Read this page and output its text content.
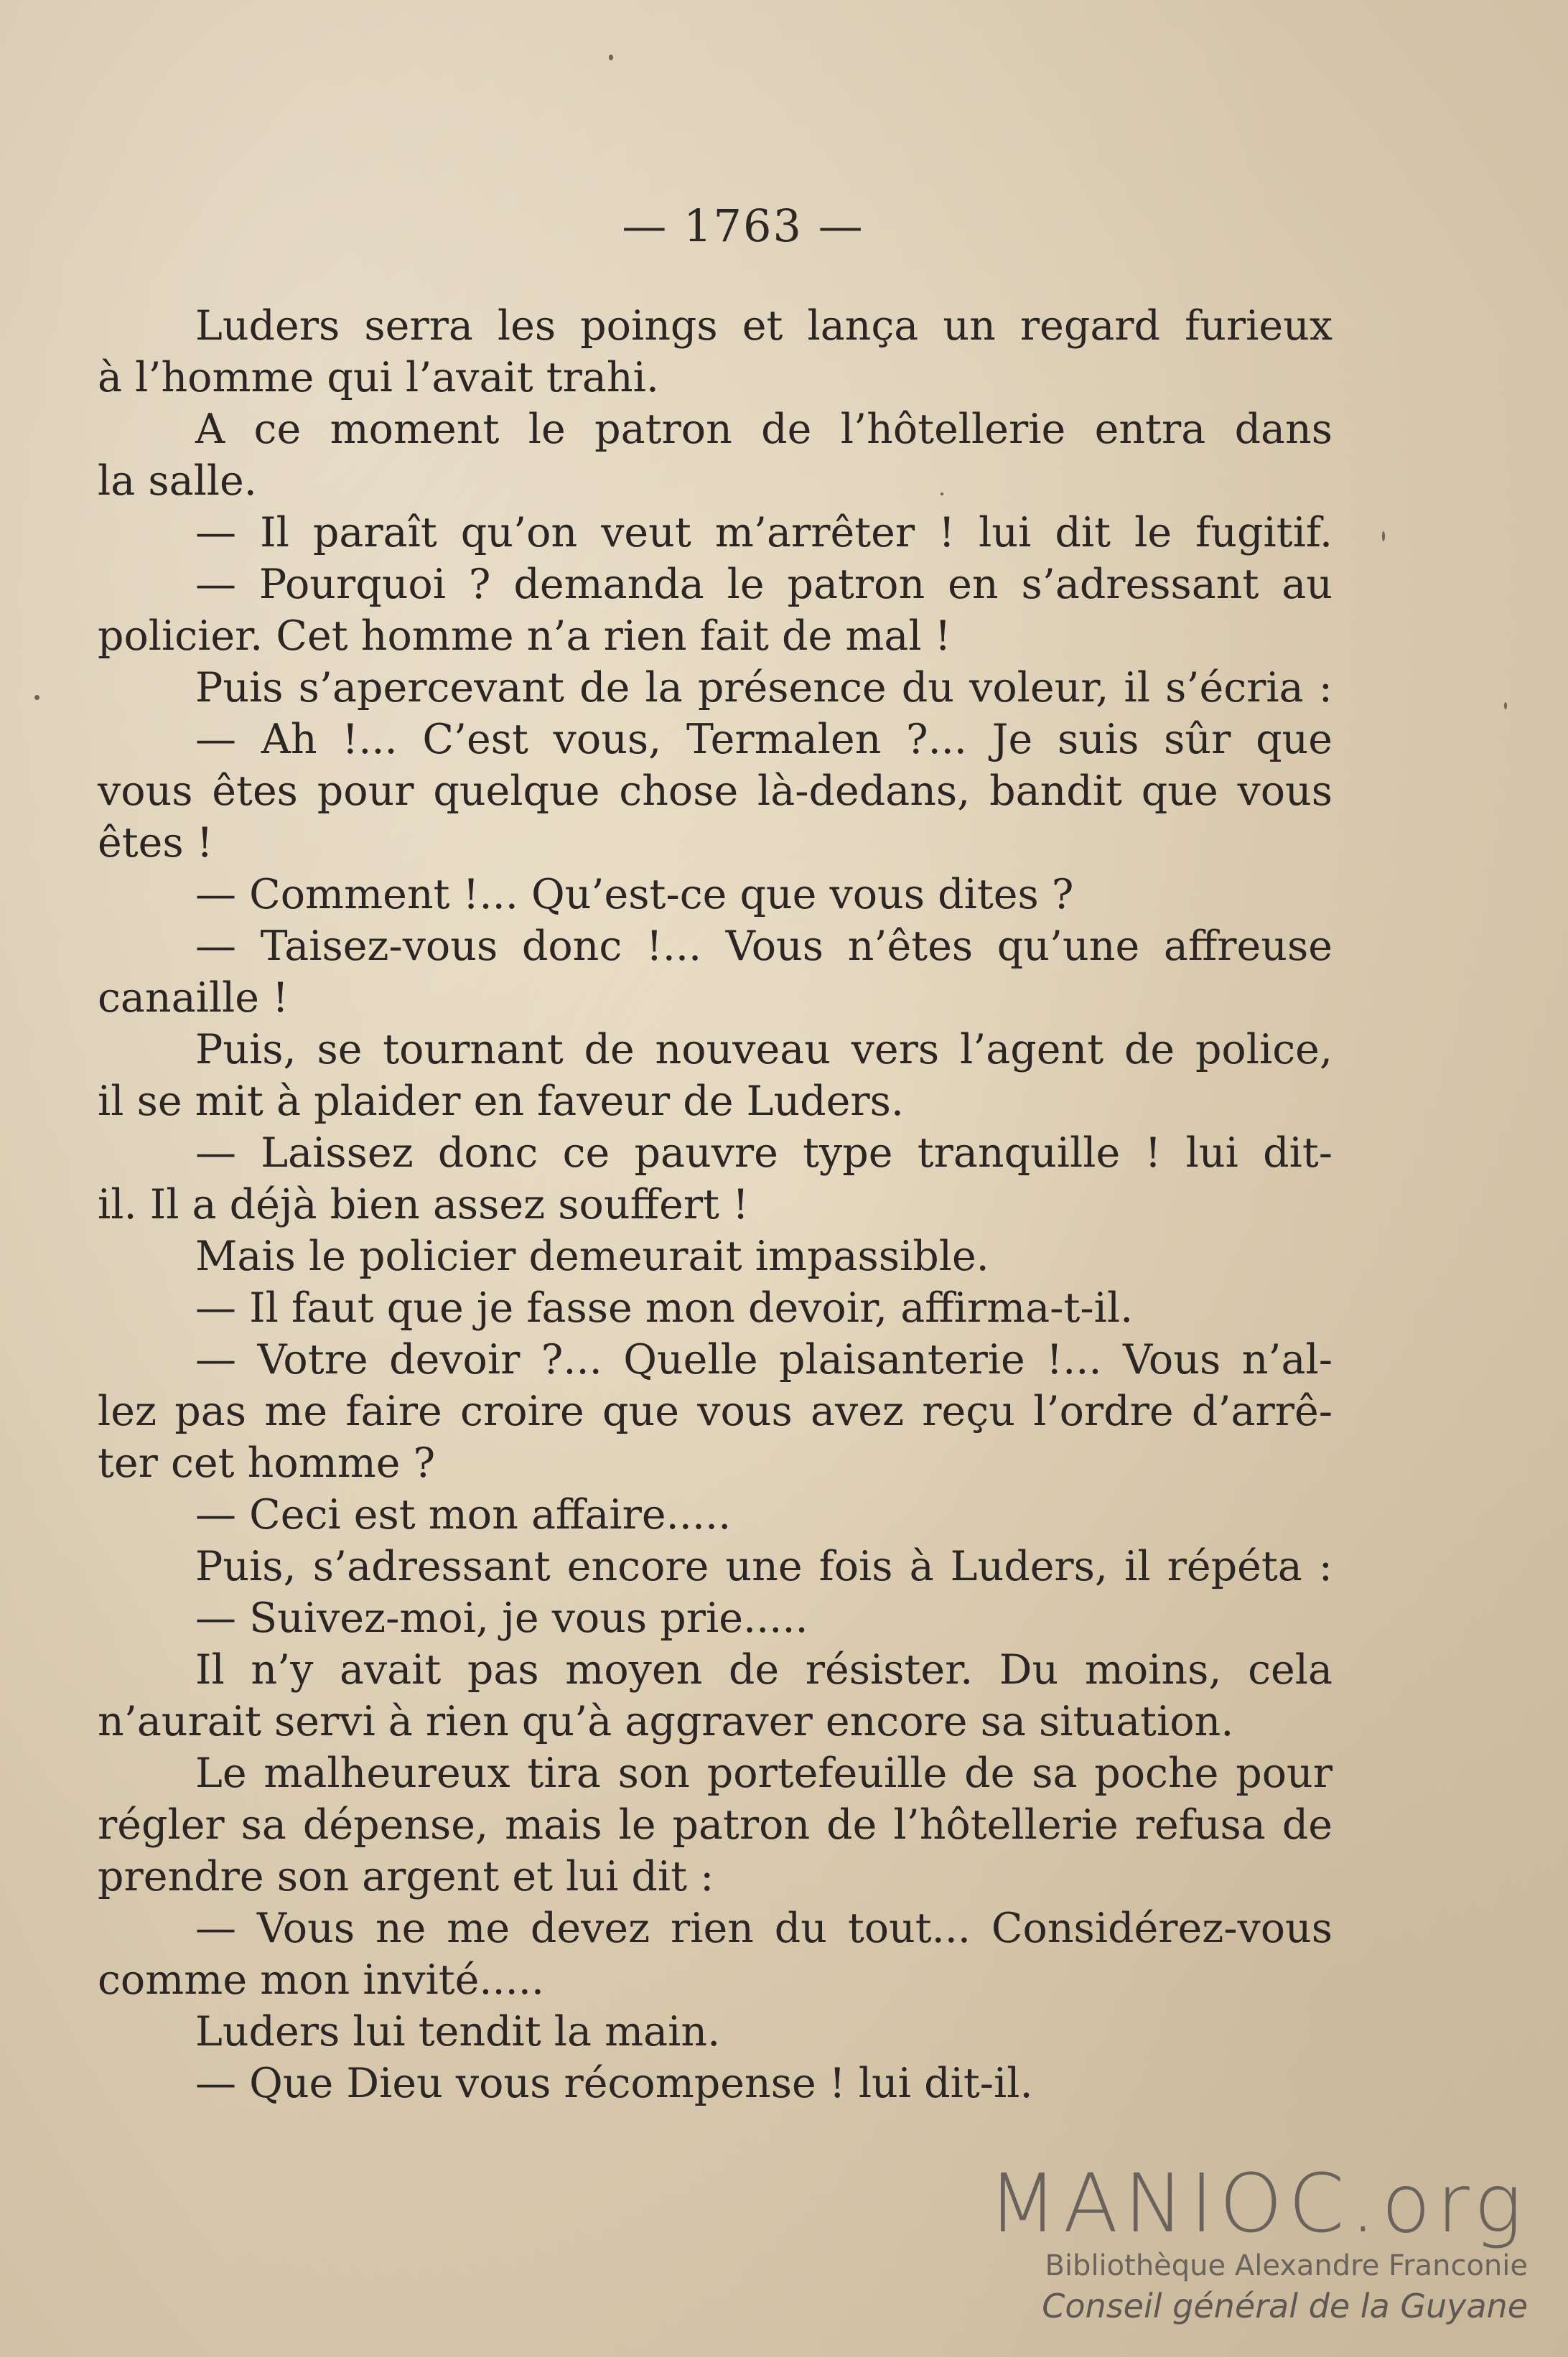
— 1763 —
Luders serra les poings et lança un regard furieux
à l’homme qui l’avait trahi.
A ce moment le patron de l’hôtellerie entra dans
la salle.
— Il paraît qu’on veut m’arrêter ! lui dit le fugitif.
— Pourquoi ? demanda le patron en s’adressant au
policier. Cet homme n’a rien fait de mal !
Puis s’apercevant de la présence du voleur, il s’écria :
— Ah !... C’est vous, Termalen ?... Je suis sûr que
vous êtes pour quelque chose là-dedans, bandit que vous
êtes !
— Comment !... Qu’est-ce que vous dites ?
— Taisez-vous donc !... Vous n’êtes qu’une affreuse
canaille !
Puis, se tournant de nouveau vers l’agent de police,
il se mit à plaider en faveur de Luders.
— Laissez donc ce pauvre type tranquille ! lui dit-
il. Il a déjà bien assez souffert !
Mais le policier demeurait impassible.
— Il faut que je fasse mon devoir, affirma-t-il.
— Votre devoir ?... Quelle plaisanterie !... Vous n’al-
lez pas me faire croire que vous avez reçu l’ordre d’arrê-
ter cet homme ?
— Ceci est mon affaire.....
Puis, s’adressant encore une fois à Luders, il répéta :
— Suivez-moi, je vous prie.....
Il n’y avait pas moyen de résister. Du moins, cela
n’aurait servi à rien qu’à aggraver encore sa situation.
Le malheureux tira son portefeuille de sa poche pour
régler sa dépense, mais le patron de l’hôtellerie refusa de
prendre son argent et lui dit :
— Vous ne me devez rien du tout... Considérez-vous
comme mon invité.....
Luders lui tendit la main.
— Que Dieu vous récompense ! lui dit-il.
MANIOC.org
Bibliothèque Alexandre Franconie
Conseil général de la Guyane
